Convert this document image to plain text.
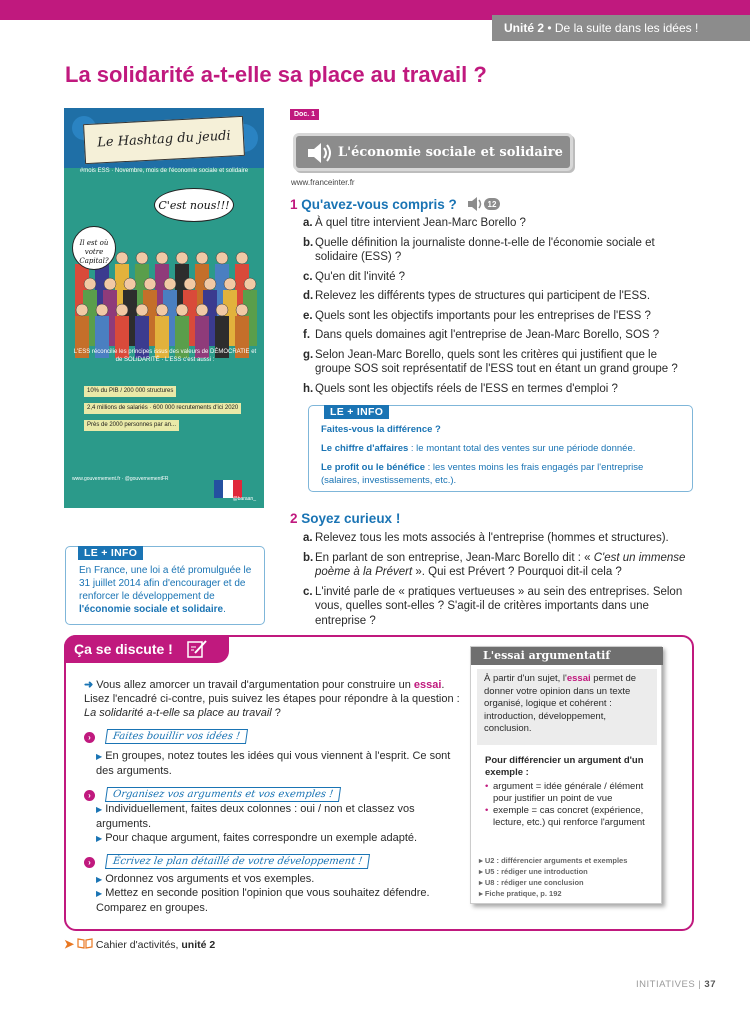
Unité 2 • De la suite dans les idées !
La solidarité a-t-elle sa place au travail ?
Le Hashtag du jeudi
#mois ESS · Novembre, mois de l'économie sociale et solidaire
C'est nous!!!
Il est où votre Capital?
L'ESS réconcilie les principes issus des valeurs de DÉMOCRATIE et de SOLIDARITÉ · L'ESS c'est aussi :
10% du PIB / 200 000 structures
2,4 millions de salariés · 600 000 recrutements d'ici 2020
Près de 2000 personnes par an...
www.gouvernement.fr · @gouvernementFR
@baraan_
Doc. 1
L'économie sociale et solidaire
www.franceinter.fr
1 Qu'avez-vous compris ?	12
a. À quel titre intervient Jean-Marc Borello ?
b. Quelle définition la journaliste donne-t-elle de l'économie sociale et solidaire (ESS) ?
c. Qu'en dit l'invité ?
d. Relevez les différents types de structures qui participent de l'ESS.
e. Quels sont les objectifs importants pour les entreprises de l'ESS ?
f. Dans quels domaines agit l'entreprise de Jean-Marc Borello, SOS ?
g. Selon Jean-Marc Borello, quels sont les critères qui justifient que le groupe SOS soit représentatif de l'ESS tout en étant un grand groupe ?
h. Quels sont les objectifs réels de l'ESS en termes d'emploi ?
LE + INFO
Faites-vous la différence ?
Le chiffre d'affaires : le montant total des ventes sur une période donnée.
Le profit ou le bénéfice : les ventes moins les frais engagés par l'entreprise (salaires, investissements, etc.).
2 Soyez curieux !
a. Relevez tous les mots associés à l'entreprise (hommes et structures).
b. En parlant de son entreprise, Jean-Marc Borello dit : « C'est un immense poème à la Prévert ». Qui est Prévert ? Pourquoi dit-il cela ?
c. L'invité parle de « pratiques vertueuses » au sein des entreprises. Selon vous, quelles sont-elles ? S'agit-il de critères importants dans une entreprise ?
LE + INFO
En France, une loi a été promulguée le 31 juillet 2014 afin d'encourager et de renforcer le développement de l'économie sociale et solidaire.
Ça se discute !
➜ Vous allez amorcer un travail d'argumentation pour construire un essai. Lisez l'encadré ci-contre, puis suivez les étapes pour répondre à la question : La solidarité a-t-elle sa place au travail ?
›	Faites bouillir vos idées !
▶ En groupes, notez toutes les idées qui vous viennent à l'esprit. Ce sont des arguments.
›	Organisez vos arguments et vos exemples !
▶ Individuellement, faites deux colonnes : oui / non et classez vos arguments.
▶ Pour chaque argument, faites correspondre un exemple adapté.
›	Écrivez le plan détaillé de votre développement !
▶ Ordonnez vos arguments et vos exemples.
▶ Mettez en seconde position l'opinion que vous souhaitez défendre. Comparez en groupes.
L'essai argumentatif
À partir d'un sujet, l'essai permet de donner votre opinion dans un texte organisé, logique et cohérent : introduction, développement, conclusion.
Pour différencier un argument d'un exemple :
• argument = idée générale / élément pour justifier un point de vue
• exemple = cas concret (expérience, lecture, etc.) qui renforce l'argument
▸ U2 : différencier arguments et exemples
▸ U5 : rédiger une introduction
▸ U8 : rédiger une conclusion
▸ Fiche pratique, p. 192
➤ Cahier d'activités, unité 2
INITIATIVES | 37
